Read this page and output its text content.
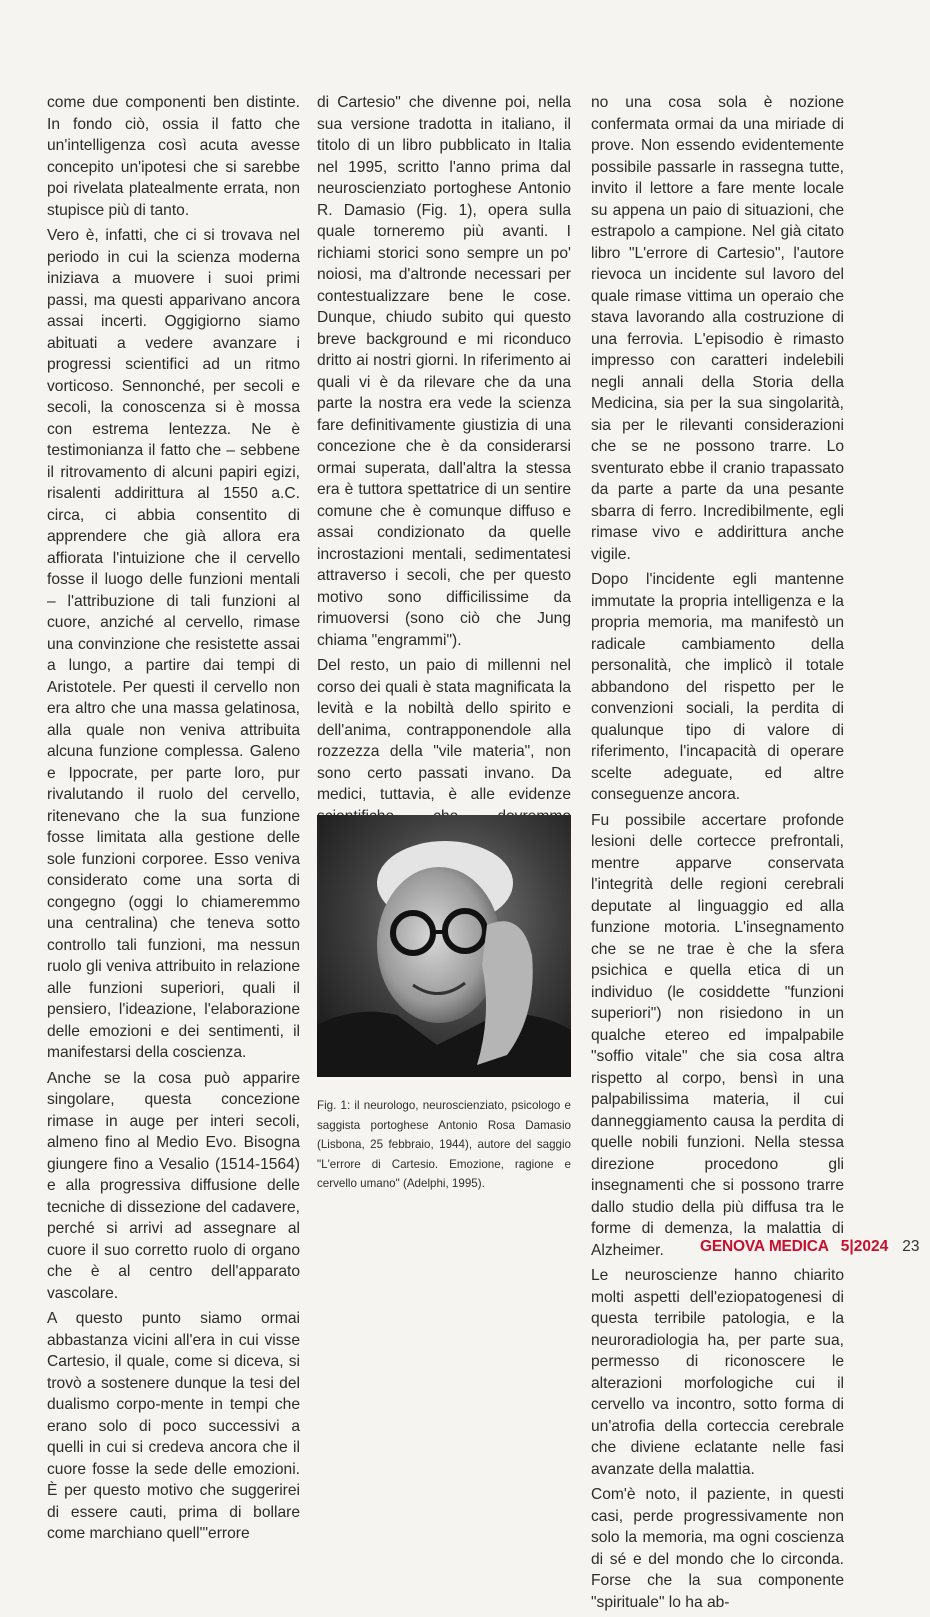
come due componenti ben distinte. In fondo ciò, ossia il fatto che un'intelligenza così acuta avesse concepito un'ipotesi che si sarebbe poi rivelata platealmente errata, non stupisce più di tanto.

Vero è, infatti, che ci si trovava nel periodo in cui la scienza moderna iniziava a muovere i suoi primi passi, ma questi apparivano ancora assai incerti. Oggigiorno siamo abituati a vedere avanzare i progressi scientifici ad un ritmo vorticoso. Sennonché, per secoli e secoli, la conoscenza si è mossa con estrema lentezza. Ne è testimonianza il fatto che – sebbene il ritrovamento di alcuni papiri egizi, risalenti addirittura al 1550 a.C. circa, ci abbia consentito di apprendere che già allora era affiorata l'intuizione che il cervello fosse il luogo delle funzioni mentali – l'attribuzione di tali funzioni al cuore, anziché al cervello, rimase una convinzione che resistette assai a lungo, a partire dai tempi di Aristotele. Per questi il cervello non era altro che una massa gelatinosa, alla quale non veniva attribuita alcuna funzione complessa. Galeno e Ippocrate, per parte loro, pur rivalutando il ruolo del cervello, ritenevano che la sua funzione fosse limitata alla gestione delle sole funzioni corporee. Esso veniva considerato come una sorta di congegno (oggi lo chiameremmo una centralina) che teneva sotto controllo tali funzioni, ma nessun ruolo gli veniva attribuito in relazione alle funzioni superiori, quali il pensiero, l'ideazione, l'elaborazione delle emozioni e dei sentimenti, il manifestarsi della coscienza.

Anche se la cosa può apparire singolare, questa concezione rimase in auge per interi secoli, almeno fino al Medio Evo. Bisogna giungere fino a Vesalio (1514-1564) e alla progressiva diffusione delle tecniche di dissezione del cadavere, perché si arrivi ad assegnare al cuore il suo corretto ruolo di organo che è al centro dell'apparato vascolare.

A questo punto siamo ormai abbastanza vicini all'era in cui visse Cartesio, il quale, come si diceva, si trovò a sostenere dunque la tesi del dualismo corpo-mente in tempi che erano solo di poco successivi a quelli in cui si credeva ancora che il cuore fosse la sede delle emozioni. È per questo motivo che suggerirei di essere cauti, prima di bollare come marchiano quell'"errore

di Cartesio" che divenne poi, nella sua versione tradotta in italiano, il titolo di un libro pubblicato in Italia nel 1995, scritto l'anno prima dal neuroscienziato portoghese Antonio R. Damasio (Fig. 1), opera sulla quale torneremo più avanti. I richiami storici sono sempre un po' noiosi, ma d'altronde necessari per contestualizzare bene le cose. Dunque, chiudo subito qui questo breve background e mi riconduco dritto ai nostri giorni. In riferimento ai quali vi è da rilevare che da una parte la nostra era vede la scienza fare definitivamente giustizia di una concezione che è da considerarsi ormai superata, dall'altra la stessa era è tuttora spettatrice di un sentire comune che è comunque diffuso e assai condizionato da quelle incrostazioni mentali, sedimentatesi attraverso i secoli, che per questo motivo sono difficilissime da rimuoversi (sono ciò che Jung chiama "engrammi").

Del resto, un paio di millenni nel corso dei quali è stata magnificata la levità e la nobiltà dello spirito e dell'anima, contrapponendole alla rozzezza della "vile materia", non sono certo passati invano. Da medici, tuttavia, è alle evidenze

Fig. 1: il neurologo, neuroscienziato, psicologo e saggista portoghese Antonio Rosa Damasio (Lisbona, 25 febbraio, 1944), autore del saggio "L'errore di Cartesio. Emozione, ragione e cervello umano" (Adelphi, 1995).

no una cosa sola è nozione confermata ormai da una miriade di prove. Non essendo evidentemente possibile passarle in rassegna tutte, invito il lettore a fare mente locale su appena un paio di situazioni, che estrapolo a campione. Nel già citato libro "L'errore di Cartesio", l'autore rievoca un incidente sul lavoro del quale rimase vittima un operaio che stava lavorando alla costruzione di una ferrovia. L'episodio è rimasto impresso con caratteri indelebili negli annali della Storia della Medicina, sia per la sua singolarità, sia per le rilevanti considerazioni che se ne possono trarre. Lo sventurato ebbe il cranio trapassato da parte a parte da una pesante sbarra di ferro. Incredibilmente, egli rimase vivo e addirittura anche vigile.

Dopo l'incidente egli mantenne immutate la propria intelligenza e la propria memoria, ma manifestò un radicale cambiamento della personalità, che implicò il totale abbandono del rispetto per le convenzioni sociali, la perdita di qualunque tipo di valore di riferimento, l'incapacità di operare scelte adeguate, ed altre conseguenze ancora.

Fu possibile accertare profonde lesioni delle cortecce prefrontali, mentre apparve conservata l'integrità delle regioni cerebrali deputate al linguaggio ed alla funzione motoria. L'insegnamento che se ne trae è che la sfera psichica e quella etica di un individuo (le cosiddette "funzioni superiori") non risiedono in un qualche etereo ed impalpabile "soffio vitale" che sia cosa altra rispetto al corpo, bensì in una palpabilissima materia, il cui danneggiamento causa la perdita di quelle nobili funzioni. Nella stessa direzione procedono gli insegnamenti che si possono trarre dallo studio della più diffusa tra le forme di demenza, la malattia di Alzheimer.

Le neuroscienze hanno chiarito molti aspetti dell'eziopatogenesi di questa terribile patologia, e la neuroradiologia ha, per parte sua, permesso di riconoscere le alterazioni morfologiche cui il cervello va incontro, sotto forma di un'atrofia della corteccia cerebrale che diviene eclatante nelle fasi avanzate della malattia.

Com'è noto, il paziente, in questi casi, perde progressivamente non solo la memoria, ma ogni coscienza di sé e del mondo che lo circonda. Forse che la sua componente "spirituale" lo ha ab-

GENOVA MEDICA 5|2024 23
